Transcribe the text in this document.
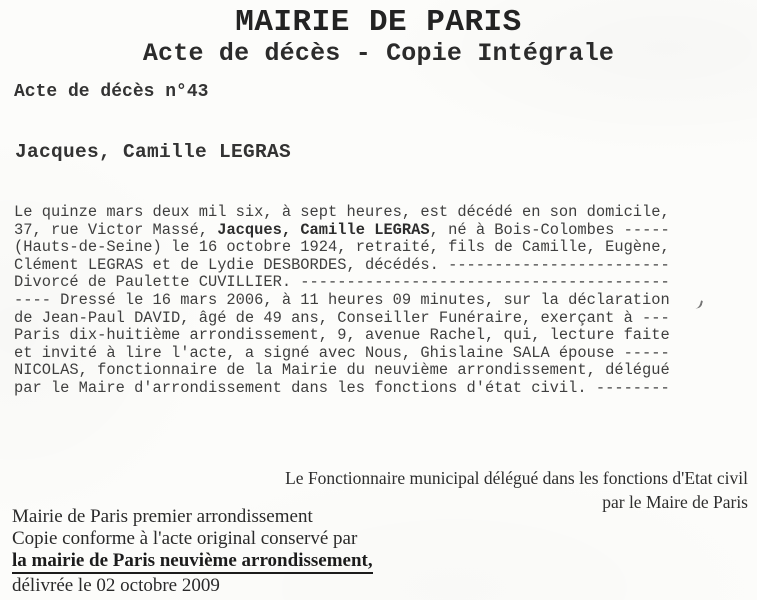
MAIRIE DE PARIS
Acte de décès - Copie Intégrale
Acte de décès n°43
Jacques, Camille LEGRAS
Le quinze mars deux mil six, à sept heures, est décédé en son domicile,
37, rue Victor Massé, Jacques, Camille LEGRAS, né à Bois-Colombes -----
(Hauts-de-Seine) le 16 octobre 1924, retraité, fils de Camille, Eugène,
Clément LEGRAS et de Lydie DESBORDES, décédés. ------------------------
Divorcé de Paulette CUVILLIER. ----------------------------------------
---- Dressé le 16 mars 2006, à 11 heures 09 minutes, sur la déclaration
de Jean-Paul DAVID, âgé de 49 ans, Conseiller Funéraire, exerçant à ---
Paris dix-huitième arrondissement, 9, avenue Rachel, qui, lecture faite
et invité à lire l'acte, a signé avec Nous, Ghislaine SALA épouse -----
NICOLAS, fonctionnaire de la Mairie du neuvième arrondissement, délégué
par le Maire d'arrondissement dans les fonctions d'état civil. --------
Le Fonctionnaire municipal délégué dans les fonctions d'Etat civil
par le Maire de Paris
Mairie de Paris premier arrondissement
Copie conforme à l'acte original conservé par
la mairie de Paris neuvième arrondissement,
délivrée le 02 octobre 2009
